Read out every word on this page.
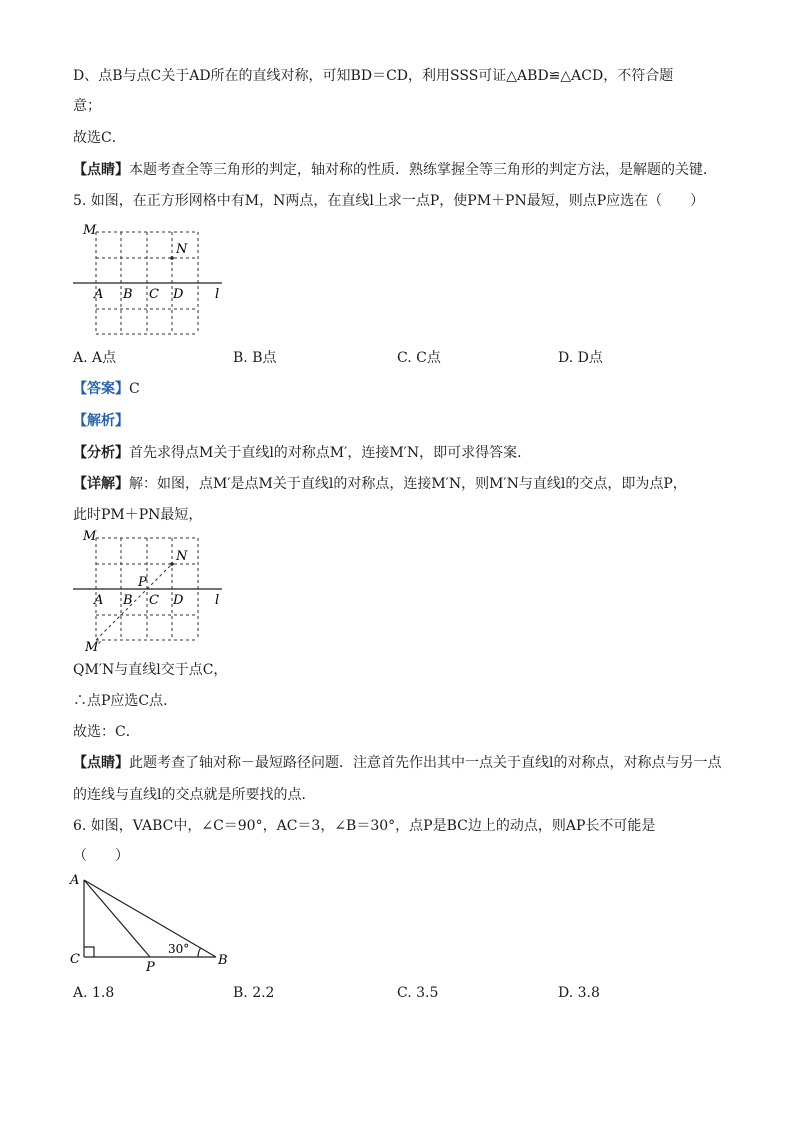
D、点B与点C关于AD所在的直线对称，可知BD＝CD，利用SSS可证△ABD≌△ACD，不符合题
意；
故选C．
【点睛】本题考查全等三角形的判定，轴对称的性质．熟练掌握全等三角形的判定方法，是解题的关键．
5. 如图，在正方形网格中有M，N两点，在直线l上求一点P，使PM＋PN最短，则点P应选在（　　）
M
N
A B C D l
A. A点	B. B点	C. C点	D. D点
【答案】C
【解析】
【分析】首先求得点M关于直线l的对称点M′，连接M′N，即可求得答案．
【详解】解：如图，点M′是点M关于直线l的对称点，连接M′N，则M′N与直线l的交点，即为点P，
此时PM＋PN最短，
M
N
P
A B C D l
M′
QM′N与直线l交于点C，
∴点P应选C点．
故选：C．
【点睛】此题考查了轴对称－最短路径问题．注意首先作出其中一点关于直线l的对称点，对称点与另一点
的连线与直线l的交点就是所要找的点．
6. 如图，VABC中，∠C＝90°，AC＝3，∠B＝30°，点P是BC边上的动点，则AP长不可能是
（　　）
A
C
P	B
30°
A. 1.8	B. 2.2	C. 3.5	D. 3.8
